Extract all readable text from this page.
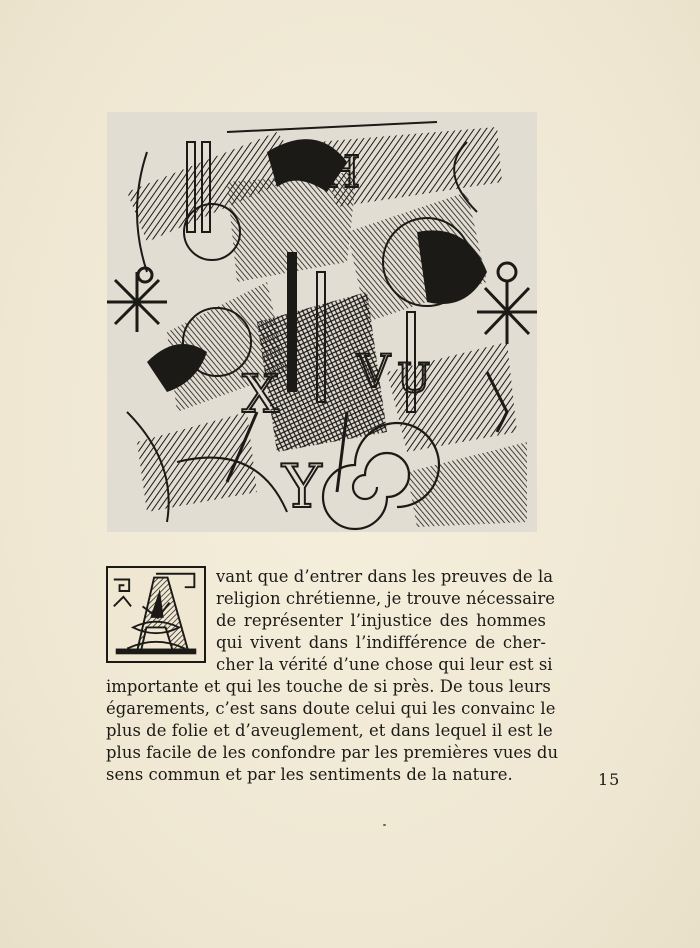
X V U
Y
H
vant que d’entrer dans les preuves de la
religion chrétienne, je trouve nécessaire
de représenter l’injustice des hommes
qui vivent dans l’indifférence de cher-
cher la vérité d’une chose qui leur est si
importante et qui les touche de si près. De tous leurs
égarements, c’est sans doute celui qui les convainc le
plus de folie et d’aveuglement, et dans lequel il est le
plus facile de les confondre par les premières vues du
sens commun et par les sentiments de la nature.	15
